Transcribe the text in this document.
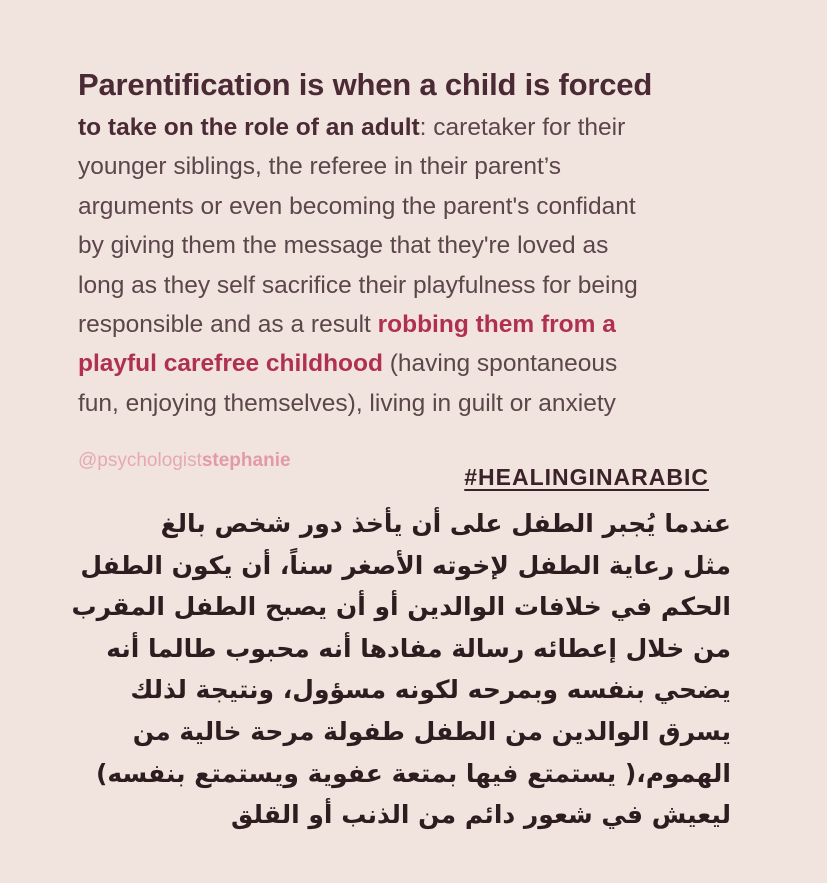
Parentification is when a child is forced
to take on the role of an adult: caretaker for their
younger siblings, the referee in their parent’s
arguments or even becoming the parent's confidant
by giving them the message that they're loved as
long as they self sacrifice their playfulness for being
responsible and as a result robbing them from a
playful carefree childhood (having spontaneous
fun, enjoying themselves), living in guilt or anxiety
@psychologiststephanie
#HEALINGINARABIC
عندما يُجبر الطفل على أن يأخذ دور شخص بالغ
مثل رعاية الطفل لإخوته الأصغر سناً، أن يكون الطفل
الحكم في خلافات الوالدين أو أن يصبح الطفل المقرب
من خلال إعطائه رسالة مفادها أنه محبوب طالما أنه
يضحي بنفسه وبمرحه لكونه مسؤول، ونتيجة لذلك
يسرق الوالدين من الطفل طفولة مرحة خالية من
الهموم،( يستمتع فيها بمتعة عفوية ويستمتع بنفسه)
ليعيش في شعور دائم من الذنب أو القلق
